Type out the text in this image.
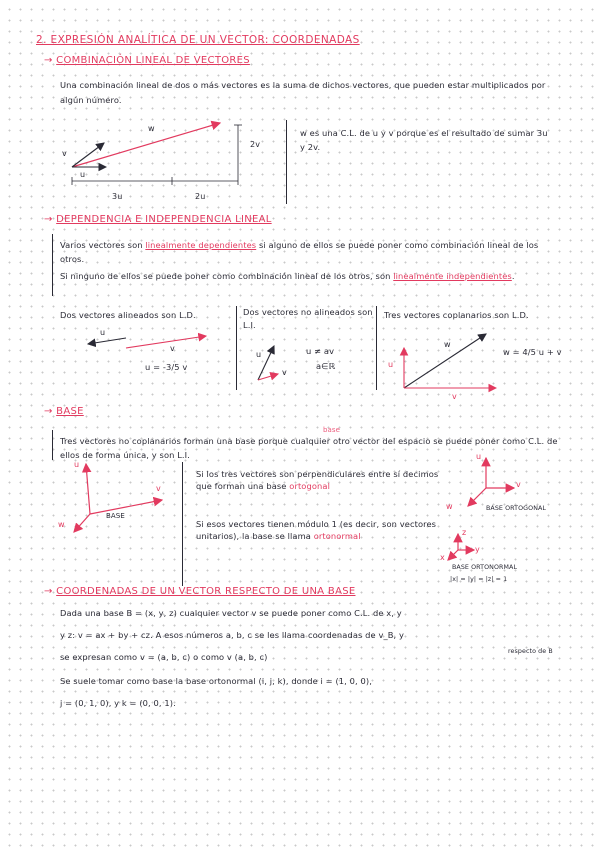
2. EXPRESIÓN ANALÍTICA DE UN VECTOR: COORDENADAS
→ COMBINACIÓN LINEAL DE VECTORES
Una combinación lineal de dos o más vectores es la suma de dichos vectores, que pueden estar multiplicados por algún número.
w
v
u
2v
3u	2u
w es una C.L. de u y v porque es el resultado de sumar 3u y 2v.
→ DEPENDENCIA E INDEPENDENCIA LINEAL
Varios vectores son linealmente dependientes si alguno de ellos se puede poner como combinación lineal de los otros.
Si ninguno de ellos se puede poner como combinación lineal de los otros, son linealmente independientes.
Dos vectores alineados son L.D.
u
v
u = -3/5 v
Dos vectores no alineados son L.I.
u
v
u ≠ av
a∈ℝ
Tres vectores coplanarios son L.D.
w
u
v
w = 4/5 u + v
→ BASE
Tres vectores no coplanarios forman una base porque cualquier otro vector del espacio se puede poner como C.L. de ellos de forma única, y son L.I.
base
u
v
w
BASE
Si los tres vectores son perpendiculares entre sí decimos que forman una base ortogonal
Si esos vectores tienen módulo 1 (es decir, son vectores unitarios), la base se llama ortonormal
u
v
w	BASE ORTOGONAL
z
y
x
BASE ORTONORMAL
|x| = |y| = |z| = 1
→ COORDENADAS DE UN VECTOR RESPECTO DE UNA BASE
Dada una base B = (x, y, z) cualquier vector v se puede poner como C.L. de x, y
y z: v = ax + by + cz. A esos números a, b, c se les llama coordenadas de v_B, y
se expresan como v = (a, b, c) o como v (a, b, c)
respecto de B
Se suele tomar como base la base ortonormal (i, j, k), donde i = (1, 0, 0),
j = (0, 1, 0), y k = (0, 0, 1).
